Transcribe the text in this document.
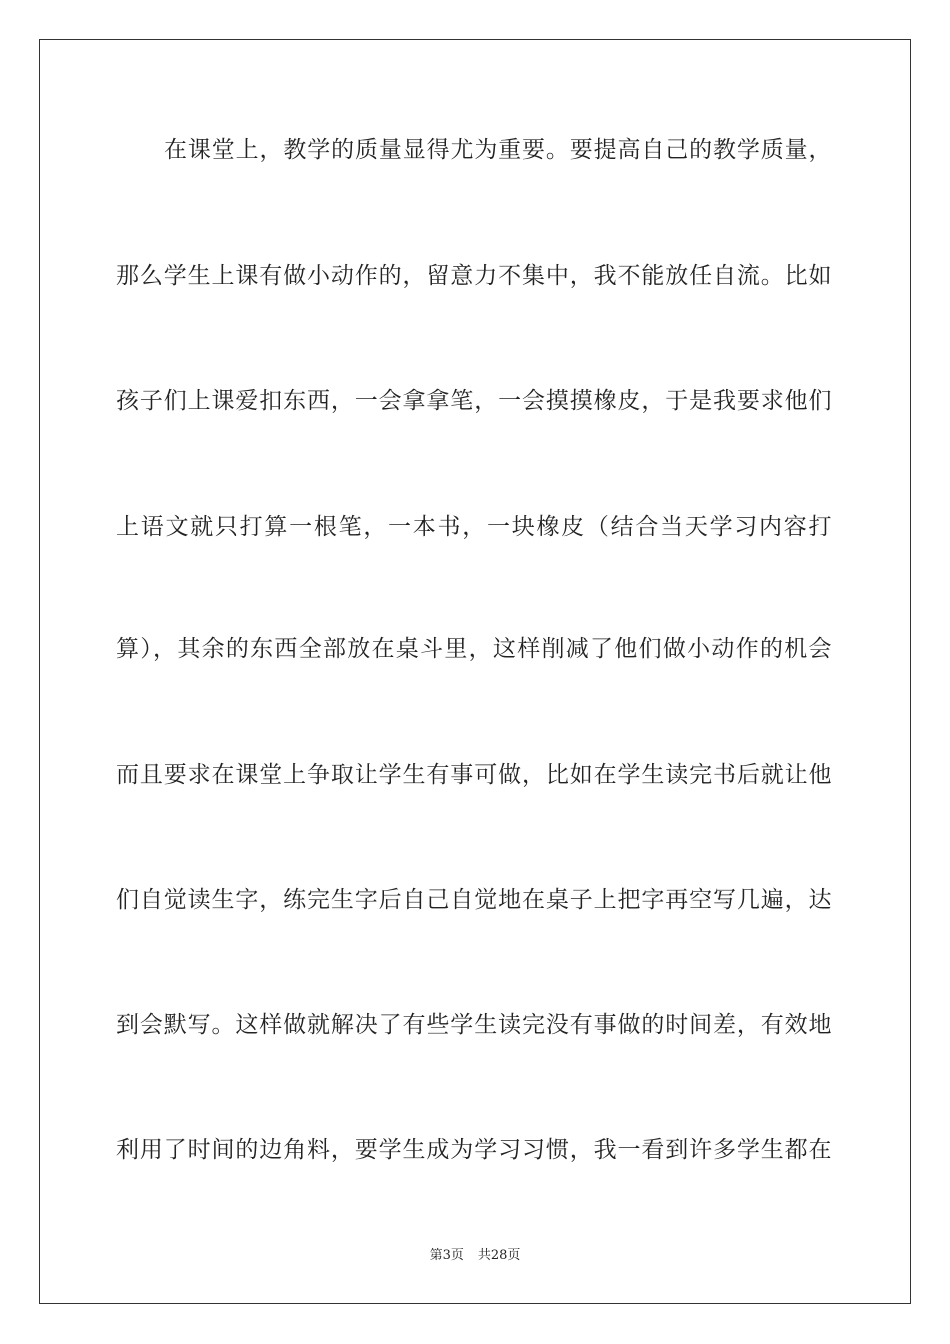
在课堂上，教学的质量显得尤为重要。要提高自己的教学质量，
那么学生上课有做小动作的，留意力不集中，我不能放任自流。比如
孩子们上课爱扣东西，一会拿拿笔，一会摸摸橡皮，于是我要求他们
上语文就只打算一根笔，一本书，一块橡皮（结合当天学习内容打
算），其余的东西全部放在桌斗里，这样削减了他们做小动作的机会
而且要求在课堂上争取让学生有事可做，比如在学生读完书后就让他
们自觉读生字，练完生字后自己自觉地在桌子上把字再空写几遍，达
到会默写。这样做就解决了有些学生读完没有事做的时间差，有效地
利用了时间的边角料，要学生成为学习习惯，我一看到许多学生都在
第3页 共28页
